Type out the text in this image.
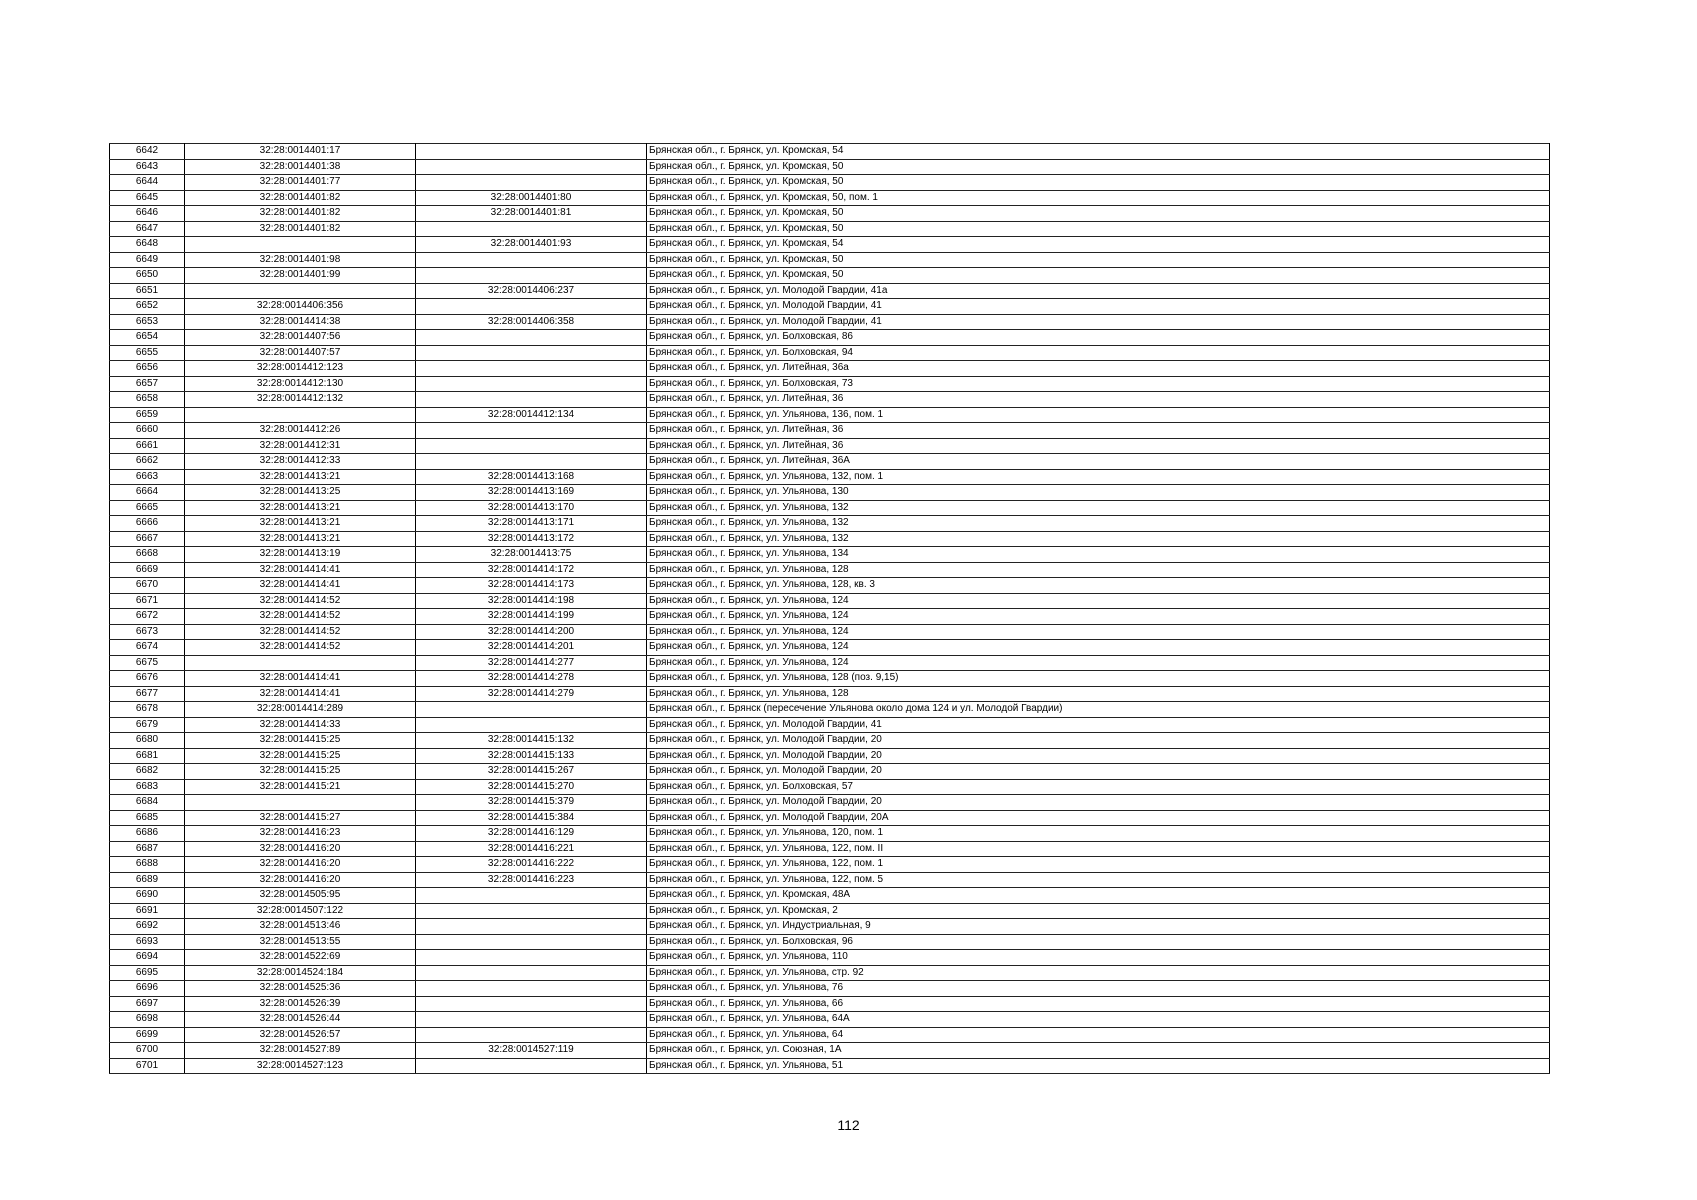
6642	32:28:0014401:17		Брянская обл., г. Брянск, ул. Кромская, 54
6643	32:28:0014401:38		Брянская обл., г. Брянск, ул. Кромская, 50
6644	32:28:0014401:77		Брянская обл., г. Брянск, ул. Кромская, 50
6645	32:28:0014401:82	32:28:0014401:80	Брянская обл., г. Брянск, ул. Кромская, 50, пом. 1
6646	32:28:0014401:82	32:28:0014401:81	Брянская обл., г. Брянск, ул. Кромская, 50
6647	32:28:0014401:82		Брянская обл., г. Брянск, ул. Кромская, 50
6648		32:28:0014401:93	Брянская обл., г. Брянск, ул. Кромская, 54
6649	32:28:0014401:98		Брянская обл., г. Брянск, ул. Кромская, 50
6650	32:28:0014401:99		Брянская обл., г. Брянск, ул. Кромская, 50
6651		32:28:0014406:237	Брянская обл., г. Брянск, ул. Молодой Гвардии, 41а
6652	32:28:0014406:356		Брянская обл., г. Брянск, ул. Молодой Гвардии, 41
6653	32:28:0014414:38	32:28:0014406:358	Брянская обл., г. Брянск, ул. Молодой Гвардии, 41
6654	32:28:0014407:56		Брянская обл., г. Брянск, ул. Болховская, 86
6655	32:28:0014407:57		Брянская обл., г. Брянск, ул. Болховская, 94
6656	32:28:0014412:123		Брянская обл., г. Брянск, ул. Литейная, 36а
6657	32:28:0014412:130		Брянская обл., г. Брянск, ул. Болховская, 73
6658	32:28:0014412:132		Брянская обл., г. Брянск, ул. Литейная, 36
6659		32:28:0014412:134	Брянская обл., г. Брянск, ул. Ульянова, 136, пом. 1
6660	32:28:0014412:26		Брянская обл., г. Брянск, ул. Литейная, 36
6661	32:28:0014412:31		Брянская обл., г. Брянск, ул. Литейная, 36
6662	32:28:0014412:33		Брянская обл., г. Брянск, ул. Литейная, 36А
6663	32:28:0014413:21	32:28:0014413:168	Брянская обл., г. Брянск, ул. Ульянова, 132, пом. 1
6664	32:28:0014413:25	32:28:0014413:169	Брянская обл., г. Брянск, ул. Ульянова, 130
6665	32:28:0014413:21	32:28:0014413:170	Брянская обл., г. Брянск, ул. Ульянова, 132
6666	32:28:0014413:21	32:28:0014413:171	Брянская обл., г. Брянск, ул. Ульянова, 132
6667	32:28:0014413:21	32:28:0014413:172	Брянская обл., г. Брянск, ул. Ульянова, 132
6668	32:28:0014413:19	32:28:0014413:75	Брянская обл., г. Брянск, ул. Ульянова, 134
6669	32:28:0014414:41	32:28:0014414:172	Брянская обл., г. Брянск, ул. Ульянова, 128
6670	32:28:0014414:41	32:28:0014414:173	Брянская обл., г. Брянск, ул. Ульянова, 128, кв. 3
6671	32:28:0014414:52	32:28:0014414:198	Брянская обл., г. Брянск, ул. Ульянова, 124
6672	32:28:0014414:52	32:28:0014414:199	Брянская обл., г. Брянск, ул. Ульянова, 124
6673	32:28:0014414:52	32:28:0014414:200	Брянская обл., г. Брянск, ул. Ульянова, 124
6674	32:28:0014414:52	32:28:0014414:201	Брянская обл., г. Брянск, ул. Ульянова, 124
6675		32:28:0014414:277	Брянская обл., г. Брянск, ул. Ульянова, 124
6676	32:28:0014414:41	32:28:0014414:278	Брянская обл., г. Брянск, ул. Ульянова, 128 (поз. 9,15)
6677	32:28:0014414:41	32:28:0014414:279	Брянская обл., г. Брянск, ул. Ульянова, 128
6678	32:28:0014414:289		Брянская обл., г. Брянск (пересечение Ульянова около дома 124 и ул. Молодой Гвардии)
6679	32:28:0014414:33		Брянская обл., г. Брянск, ул. Молодой Гвардии, 41
6680	32:28:0014415:25	32:28:0014415:132	Брянская обл., г. Брянск, ул. Молодой Гвардии, 20
6681	32:28:0014415:25	32:28:0014415:133	Брянская обл., г. Брянск, ул. Молодой Гвардии, 20
6682	32:28:0014415:25	32:28:0014415:267	Брянская обл., г. Брянск, ул. Молодой Гвардии, 20
6683	32:28:0014415:21	32:28:0014415:270	Брянская обл., г. Брянск, ул. Болховская, 57
6684		32:28:0014415:379	Брянская обл., г. Брянск, ул. Молодой Гвардии, 20
6685	32:28:0014415:27	32:28:0014415:384	Брянская обл., г. Брянск, ул. Молодой Гвардии, 20А
6686	32:28:0014416:23	32:28:0014416:129	Брянская обл., г. Брянск, ул. Ульянова, 120, пом. 1
6687	32:28:0014416:20	32:28:0014416:221	Брянская обл., г. Брянск, ул. Ульянова, 122, пом. II
6688	32:28:0014416:20	32:28:0014416:222	Брянская обл., г. Брянск, ул. Ульянова, 122, пом. 1
6689	32:28:0014416:20	32:28:0014416:223	Брянская обл., г. Брянск, ул. Ульянова, 122, пом. 5
6690	32:28:0014505:95		Брянская обл., г. Брянск, ул. Кромская, 48А
6691	32:28:0014507:122		Брянская обл., г. Брянск, ул. Кромская, 2
6692	32:28:0014513:46		Брянская обл., г. Брянск, ул. Индустриальная, 9
6693	32:28:0014513:55		Брянская обл., г. Брянск, ул. Болховская, 96
6694	32:28:0014522:69		Брянская обл., г. Брянск, ул. Ульянова, 110
6695	32:28:0014524:184		Брянская обл., г. Брянск, ул. Ульянова, стр. 92
6696	32:28:0014525:36		Брянская обл., г. Брянск, ул. Ульянова, 76
6697	32:28:0014526:39		Брянская обл., г. Брянск, ул. Ульянова, 66
6698	32:28:0014526:44		Брянская обл., г. Брянск, ул. Ульянова, 64А
6699	32:28:0014526:57		Брянская обл., г. Брянск, ул. Ульянова, 64
6700	32:28:0014527:89	32:28:0014527:119	Брянская обл., г. Брянск, ул. Союзная, 1А
6701	32:28:0014527:123		Брянская обл., г. Брянск, ул. Ульянова, 51
112
